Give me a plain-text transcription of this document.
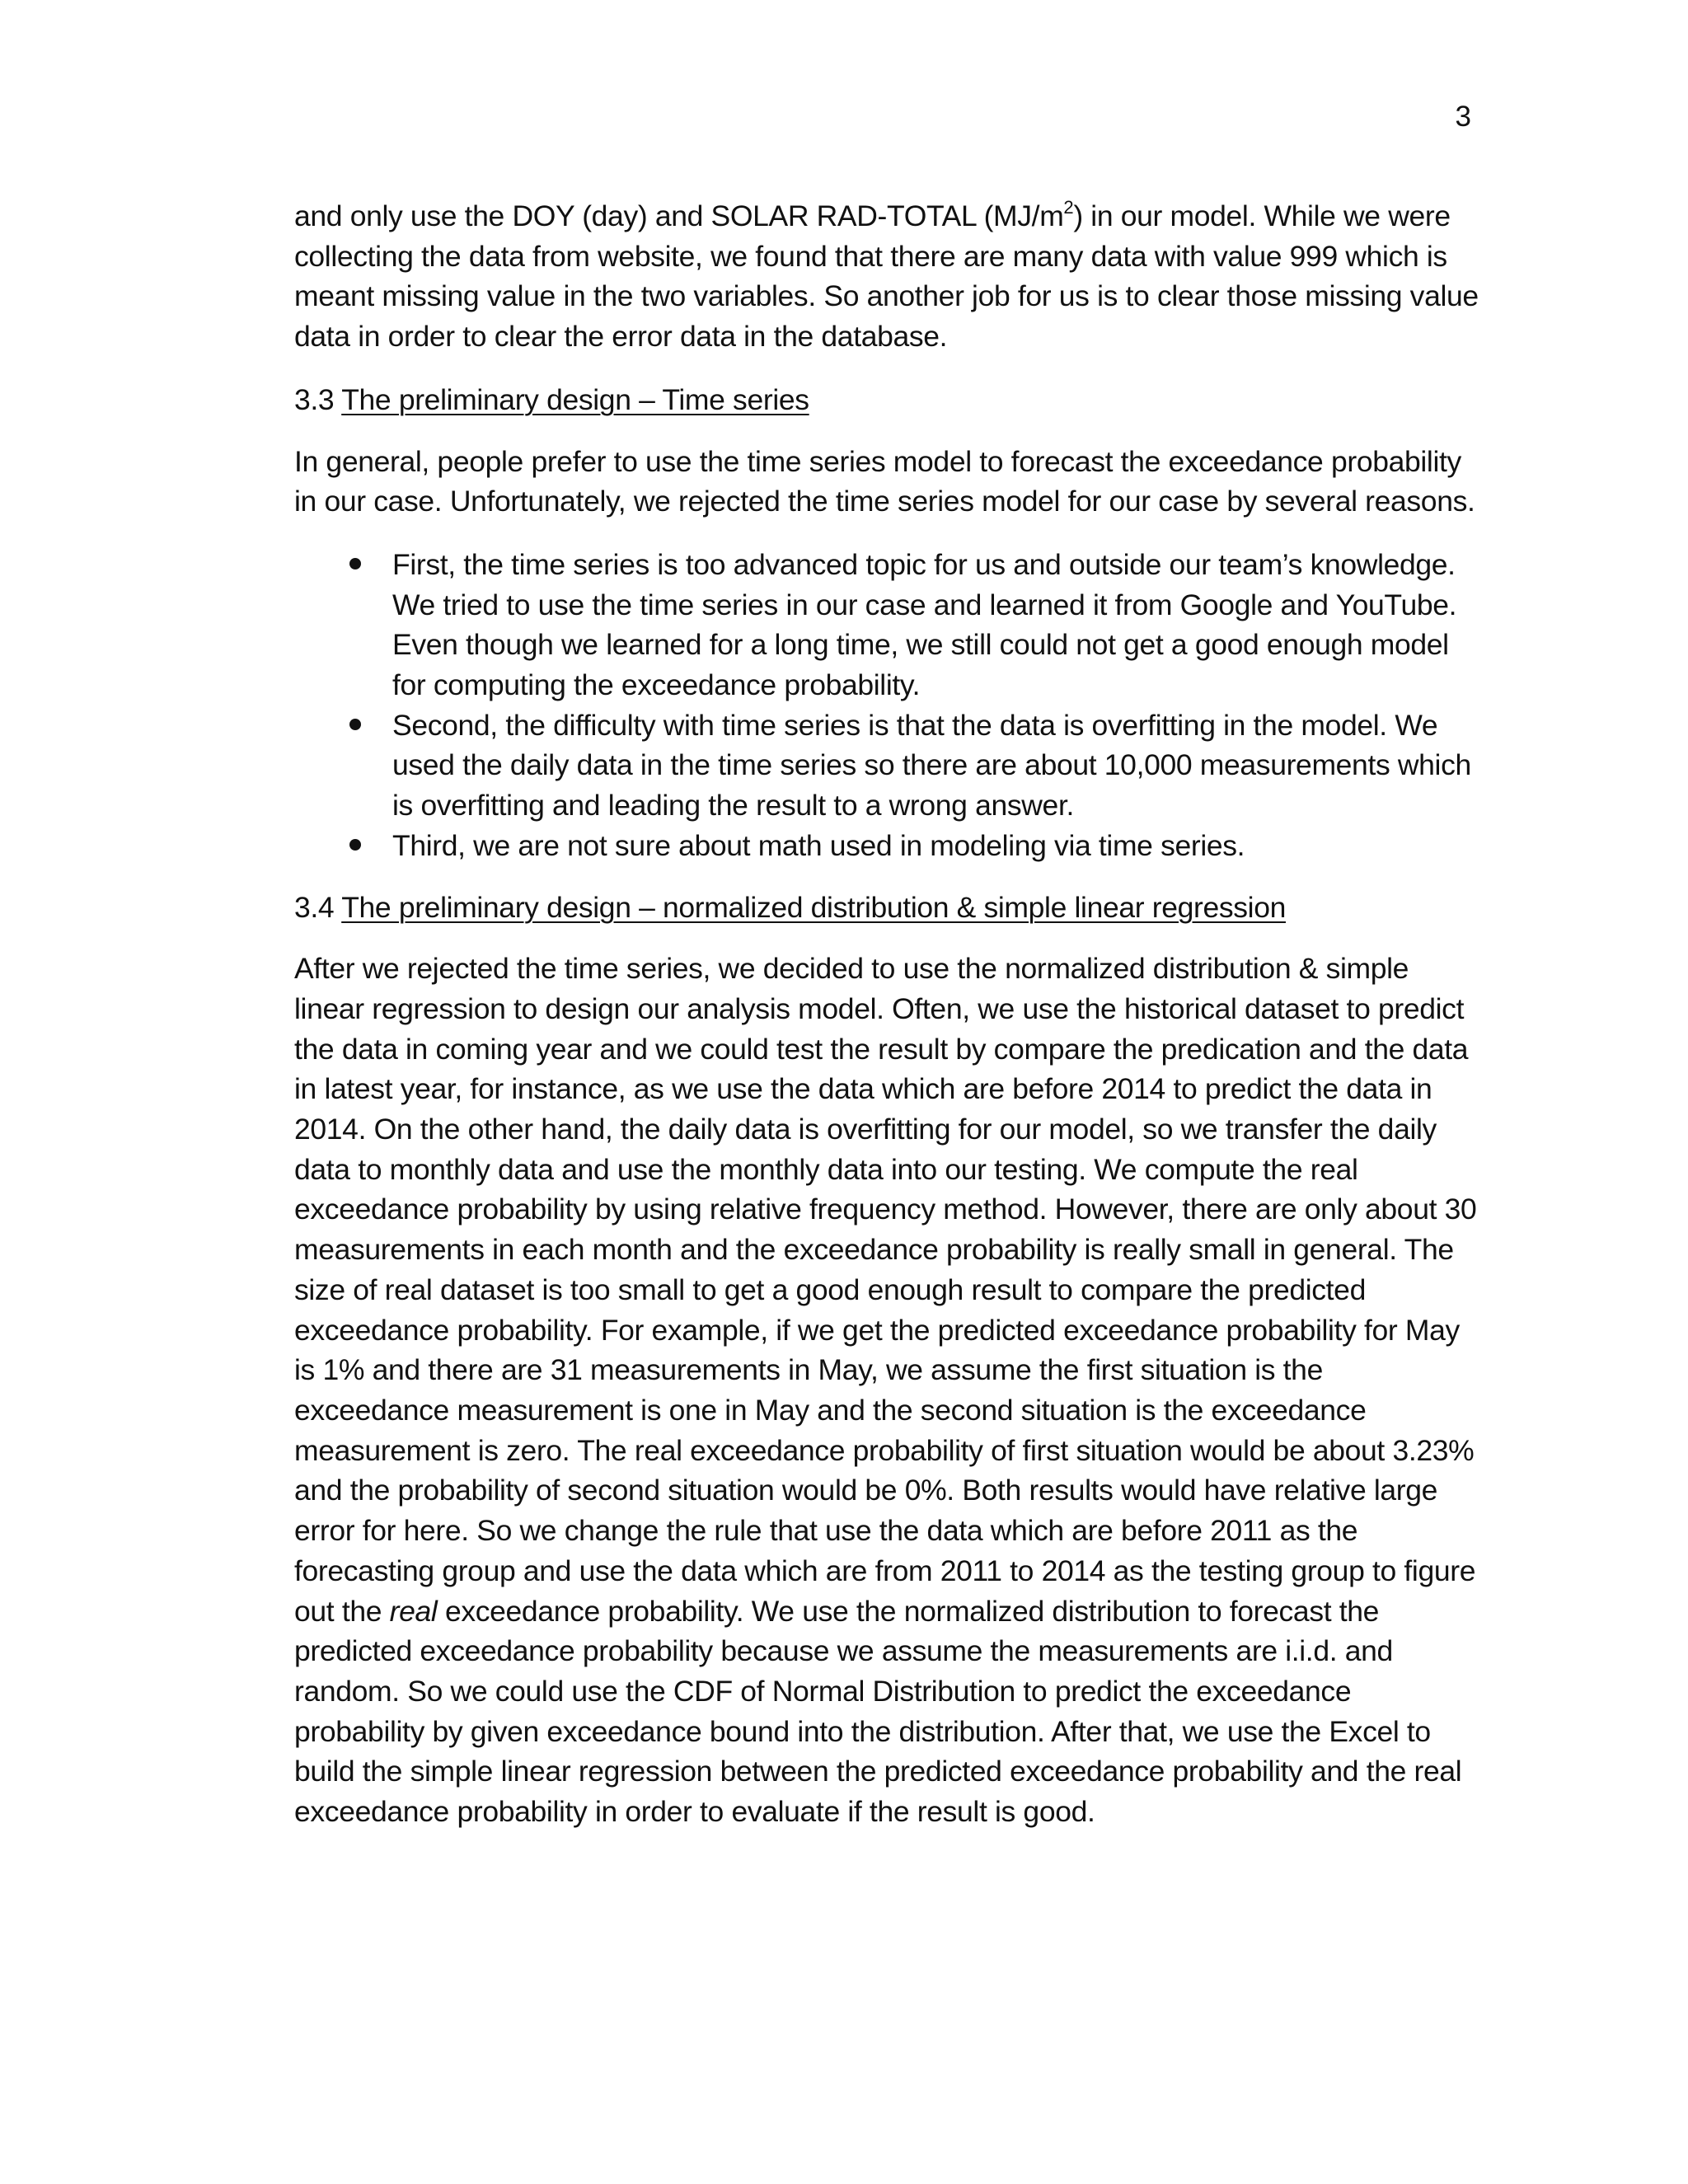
3

and only use the DOY (day) and SOLAR RAD-TOTAL $(MJ/m^2)$ in our model. While we were collecting the data from website, we found that there are many data with value 999 which is meant missing value in the two variables. So another job for us is to clear those missing value data in order to clear the error data in the database.

3.3 The preliminary design – Time series

In general, people prefer to use the time series model to forecast the exceedance probability in our case. Unfortunately, we rejected the time series model for our case by several reasons.

First, the time series is too advanced topic for us and outside our team’s knowledge. We tried to use the time series in our case and learned it from Google and YouTube. Even though we learned for a long time, we still could not get a good enough model for computing the exceedance probability.
Second, the difficulty with time series is that the data is overfitting in the model. We used the daily data in the time series so there are about 10,000 measurements which is overfitting and leading the result to a wrong answer.
Third, we are not sure about math used in modeling via time series.

3.4 The preliminary design – normalized distribution & simple linear regression

After we rejected the time series, we decided to use the normalized distribution & simple linear regression to design our analysis model. Often, we use the historical dataset to predict the data in coming year and we could test the result by compare the predication and the data in latest year, for instance, as we use the data which are before 2014 to predict the data in 2014. On the other hand, the daily data is overfitting for our model, so we transfer the daily data to monthly data and use the monthly data into our testing. We compute the real exceedance probability by using relative frequency method. However, there are only about 30 measurements in each month and the exceedance probability is really small in general. The size of real dataset is too small to get a good enough result to compare the predicted exceedance probability. For example, if we get the predicted exceedance probability for May is 1% and there are 31 measurements in May, we assume the first situation is the exceedance measurement is one in May and the second situation is the exceedance measurement is zero. The real exceedance probability of first situation would be about 3.23% and the probability of second situation would be 0%. Both results would have relative large error for here. So we change the rule that use the data which are before 2011 as the forecasting group and use the data which are from 2011 to 2014 as the testing group to figure out the real exceedance probability. We use the normalized distribution to forecast the predicted exceedance probability because we assume the measurements are i.i.d. and random. So we could use the CDF of Normal Distribution to predict the exceedance probability by given exceedance bound into the distribution. After that, we use the Excel to build the simple linear regression between the predicted exceedance probability and the real exceedance probability in order to evaluate if the result is good.
